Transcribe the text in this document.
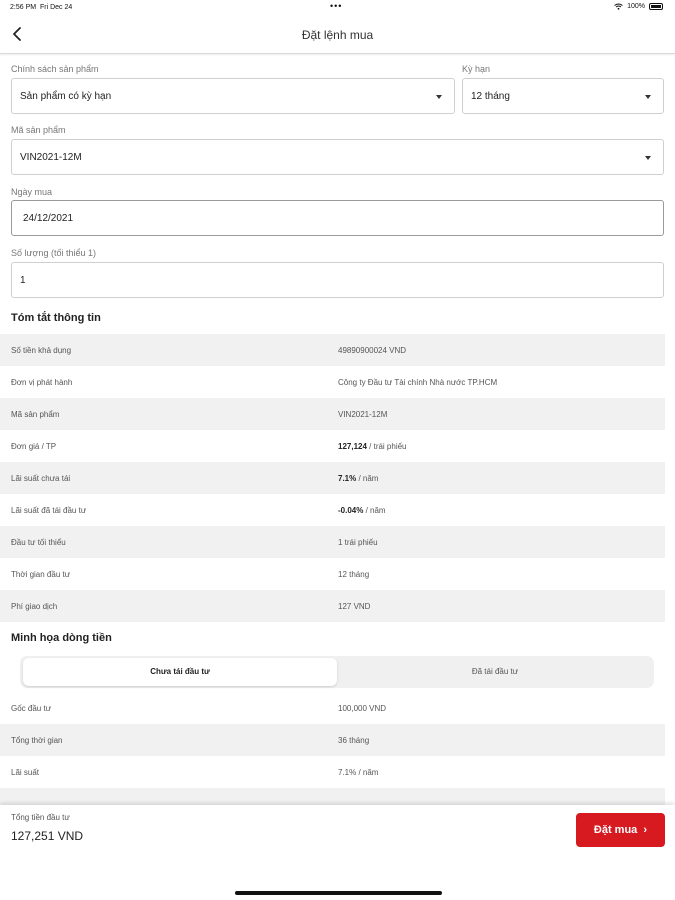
2:56 PM Fri Dec 24	•••	100%
Đặt lệnh mua
Chính sách sản phẩm
Sản phẩm có kỳ hạn
Kỳ hạn
12 tháng
Mã sản phẩm
VIN2021-12M
Ngày mua
24/12/2021
Số lượng (tối thiểu 1)
1
Tóm tắt thông tin
Số tiền khả dụng	49890900024 VND
Đơn vị phát hành	Công ty Đầu tư Tài chính Nhà nước TP.HCM
Mã sản phẩm	VIN2021-12M
Đơn giá / TP	127,124 / trái phiếu
Lãi suất chưa tái	7.1% / năm
Lãi suất đã tái đầu tư	-0.04% / năm
Đầu tư tối thiểu	1 trái phiếu
Thời gian đầu tư	12 tháng
Phí giao dịch	127 VND
Minh họa dòng tiền
Chưa tái đầu tư	Đã tái đầu tư
Gốc đầu tư	100,000 VND
Tổng thời gian	36 tháng
Lãi suất	7.1% / năm
Tổng tiền đầu tư
127,251 VND	Đặt mua  ›
